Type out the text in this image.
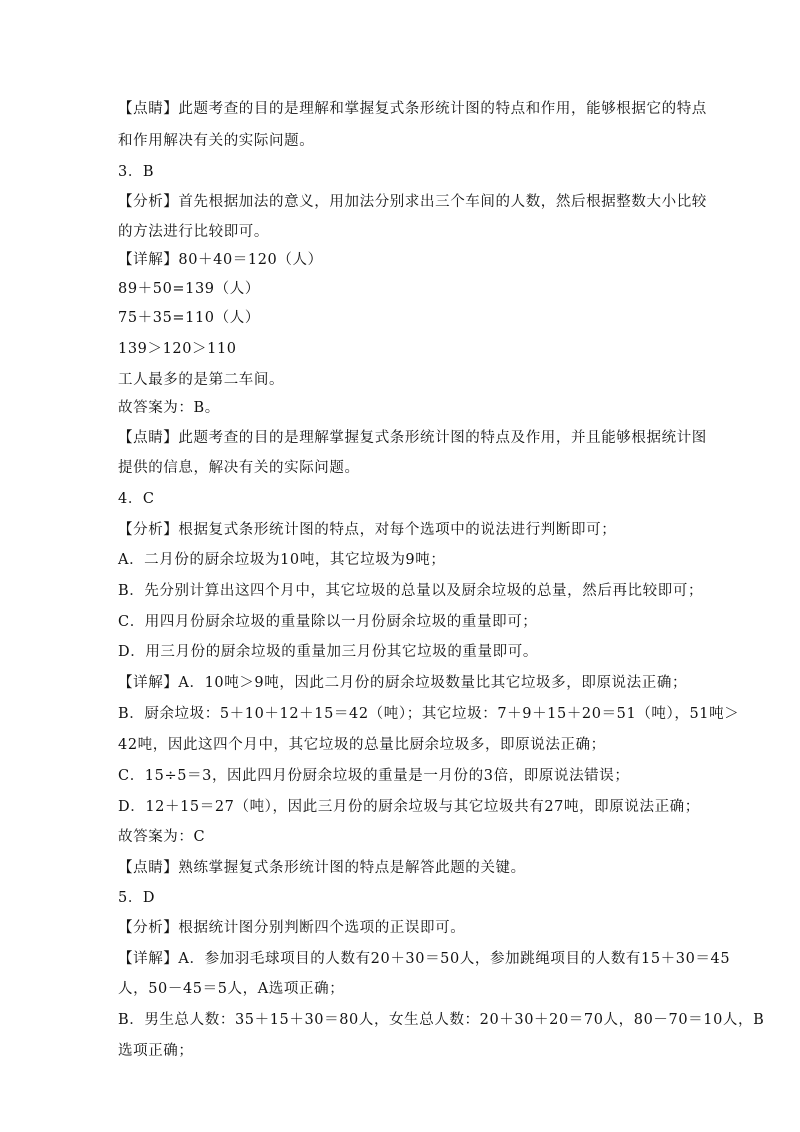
【点睛】此题考查的目的是理解和掌握复式条形统计图的特点和作用，能够根据它的特点
和作用解决有关的实际问题。
3．B
【分析】首先根据加法的意义，用加法分别求出三个车间的人数，然后根据整数大小比较
的方法进行比较即可。
【详解】80＋40＝120（人）
89＋50=139（人）
75＋35=110（人）
139＞120＞110
工人最多的是第二车间。
故答案为：B。
【点睛】此题考查的目的是理解掌握复式条形统计图的特点及作用，并且能够根据统计图
提供的信息，解决有关的实际问题。
4．C
【分析】根据复式条形统计图的特点，对每个选项中的说法进行判断即可；
A．二月份的厨余垃圾为10吨，其它垃圾为9吨；
B．先分别计算出这四个月中，其它垃圾的总量以及厨余垃圾的总量，然后再比较即可；
C．用四月份厨余垃圾的重量除以一月份厨余垃圾的重量即可；
D．用三月份的厨余垃圾的重量加三月份其它垃圾的重量即可。
【详解】A．10吨＞9吨，因此二月份的厨余垃圾数量比其它垃圾多，即原说法正确；
B．厨余垃圾：5＋10＋12＋15＝42（吨）；其它垃圾：7＋9＋15＋20＝51（吨），51吨＞
42吨，因此这四个月中，其它垃圾的总量比厨余垃圾多，即原说法正确；
C．15÷5＝3，因此四月份厨余垃圾的重量是一月份的3倍，即原说法错误；
D．12＋15＝27（吨），因此三月份的厨余垃圾与其它垃圾共有27吨，即原说法正确；
故答案为：C
【点睛】熟练掌握复式条形统计图的特点是解答此题的关键。
5．D
【分析】根据统计图分别判断四个选项的正误即可。
【详解】A．参加羽毛球项目的人数有20＋30＝50人，参加跳绳项目的人数有15＋30＝45
人，50－45＝5人，A选项正确；
B．男生总人数：35＋15＋30＝80人，女生总人数：20＋30＋20＝70人，80－70＝10人，B
选项正确；
